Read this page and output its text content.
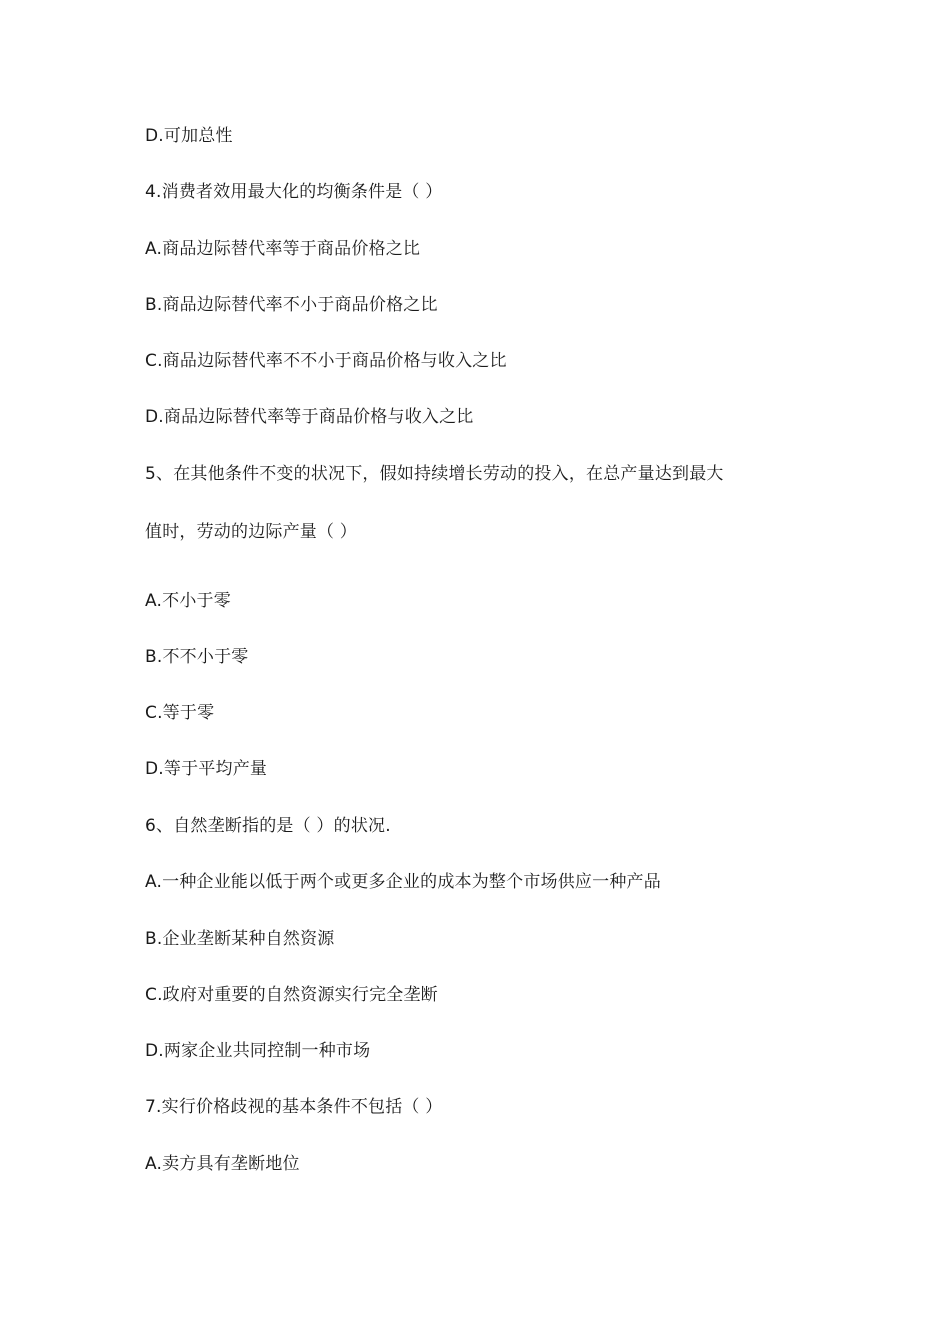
D.可加总性
4.消费者效用最大化的均衡条件是（ ）
A.商品边际替代率等于商品价格之比
B.商品边际替代率不小于商品价格之比
C.商品边际替代率不不小于商品价格与收入之比
D.商品边际替代率等于商品价格与收入之比
5、在其他条件不变的状况下，假如持续增长劳动的投入，在总产量达到最大
值时，劳动的边际产量（ ）
A.不小于零
B.不不小于零
C.等于零
D.等于平均产量
6、自然垄断指的是（ ）的状况.
A.一种企业能以低于两个或更多企业的成本为整个市场供应一种产品
B.企业垄断某种自然资源
C.政府对重要的自然资源实行完全垄断
D.两家企业共同控制一种市场
7.实行价格歧视的基本条件不包括（ ）
A.卖方具有垄断地位
